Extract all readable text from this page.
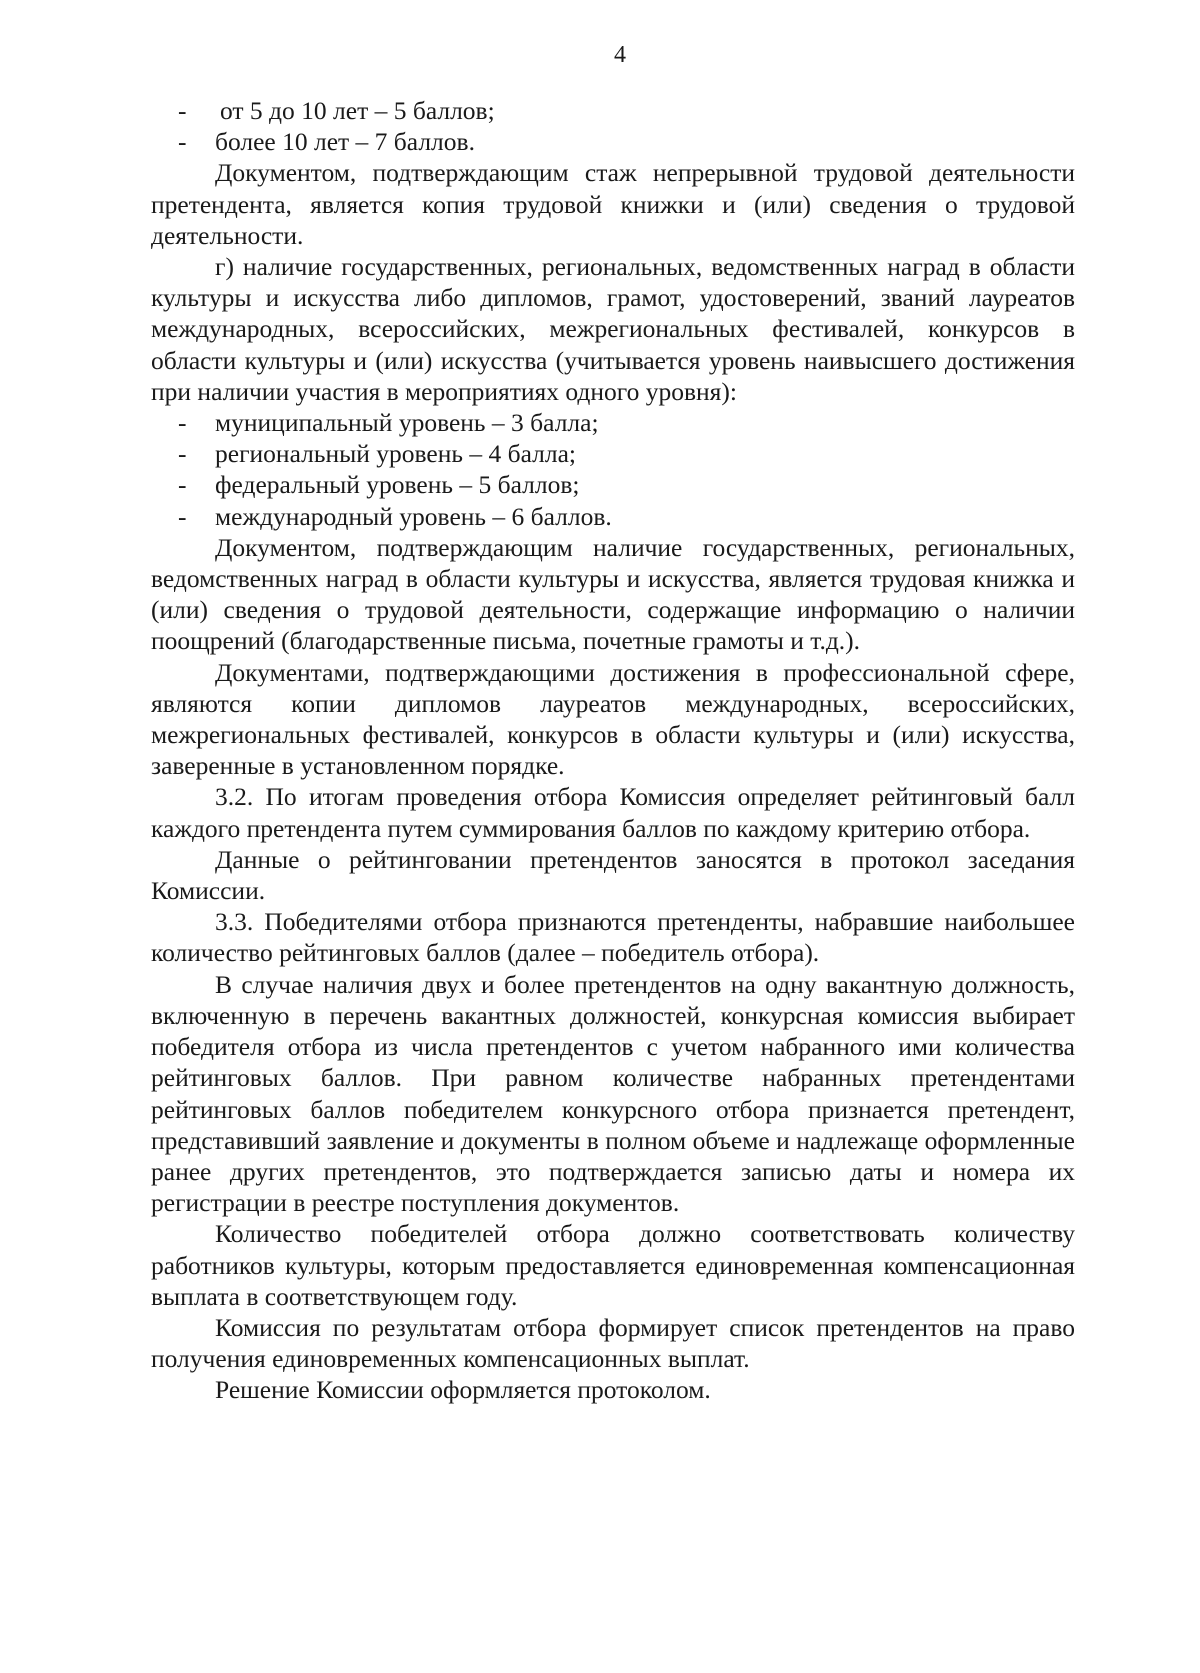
4
- от 5 до 10 лет – 5 баллов;
- более 10 лет – 7 баллов.

Документом, подтверждающим стаж непрерывной трудовой деятельности претендента, является копия трудовой книжки и (или) сведения о трудовой деятельности.

г) наличие государственных, региональных, ведомственных наград в области культуры и искусства либо дипломов, грамот, удостоверений, званий лауреатов международных, всероссийских, межрегиональных фестивалей, конкурсов в области культуры и (или) искусства (учитывается уровень наивысшего достижения при наличии участия в мероприятиях одного уровня):

- муниципальный уровень – 3 балла;
- региональный уровень – 4 балла;
- федеральный уровень – 5 баллов;
- международный уровень – 6 баллов.

Документом, подтверждающим наличие государственных, региональных, ведомственных наград в области культуры и искусства, является трудовая книжка и (или) сведения о трудовой деятельности, содержащие информацию о наличии поощрений (благодарственные письма, почетные грамоты и т.д.).

Документами, подтверждающими достижения в профессиональной сфере, являются копии дипломов лауреатов международных, всероссийских, межрегиональных фестивалей, конкурсов в области культуры и (или) искусства, заверенные в установленном порядке.

3.2. По итогам проведения отбора Комиссия определяет рейтинговый балл каждого претендента путем суммирования баллов по каждому критерию отбора.

Данные о рейтинговании претендентов заносятся в протокол заседания Комиссии.

3.3. Победителями отбора признаются претенденты, набравшие наибольшее количество рейтинговых баллов (далее – победитель отбора).

В случае наличия двух и более претендентов на одну вакантную должность, включенную в перечень вакантных должностей, конкурсная комиссия выбирает победителя отбора из числа претендентов с учетом набранного ими количества рейтинговых баллов. При равном количестве набранных претендентами рейтинговых баллов победителем конкурсного отбора признается претендент, представивший заявление и документы в полном объеме и надлежаще оформленные ранее других претендентов, это подтверждается записью даты и номера их регистрации в реестре поступления документов.

Количество победителей отбора должно соответствовать количеству работников культуры, которым предоставляется единовременная компенсационная выплата в соответствующем году.

Комиссия по результатам отбора формирует список претендентов на право получения единовременных компенсационных выплат.

Решение Комиссии оформляется протоколом.
